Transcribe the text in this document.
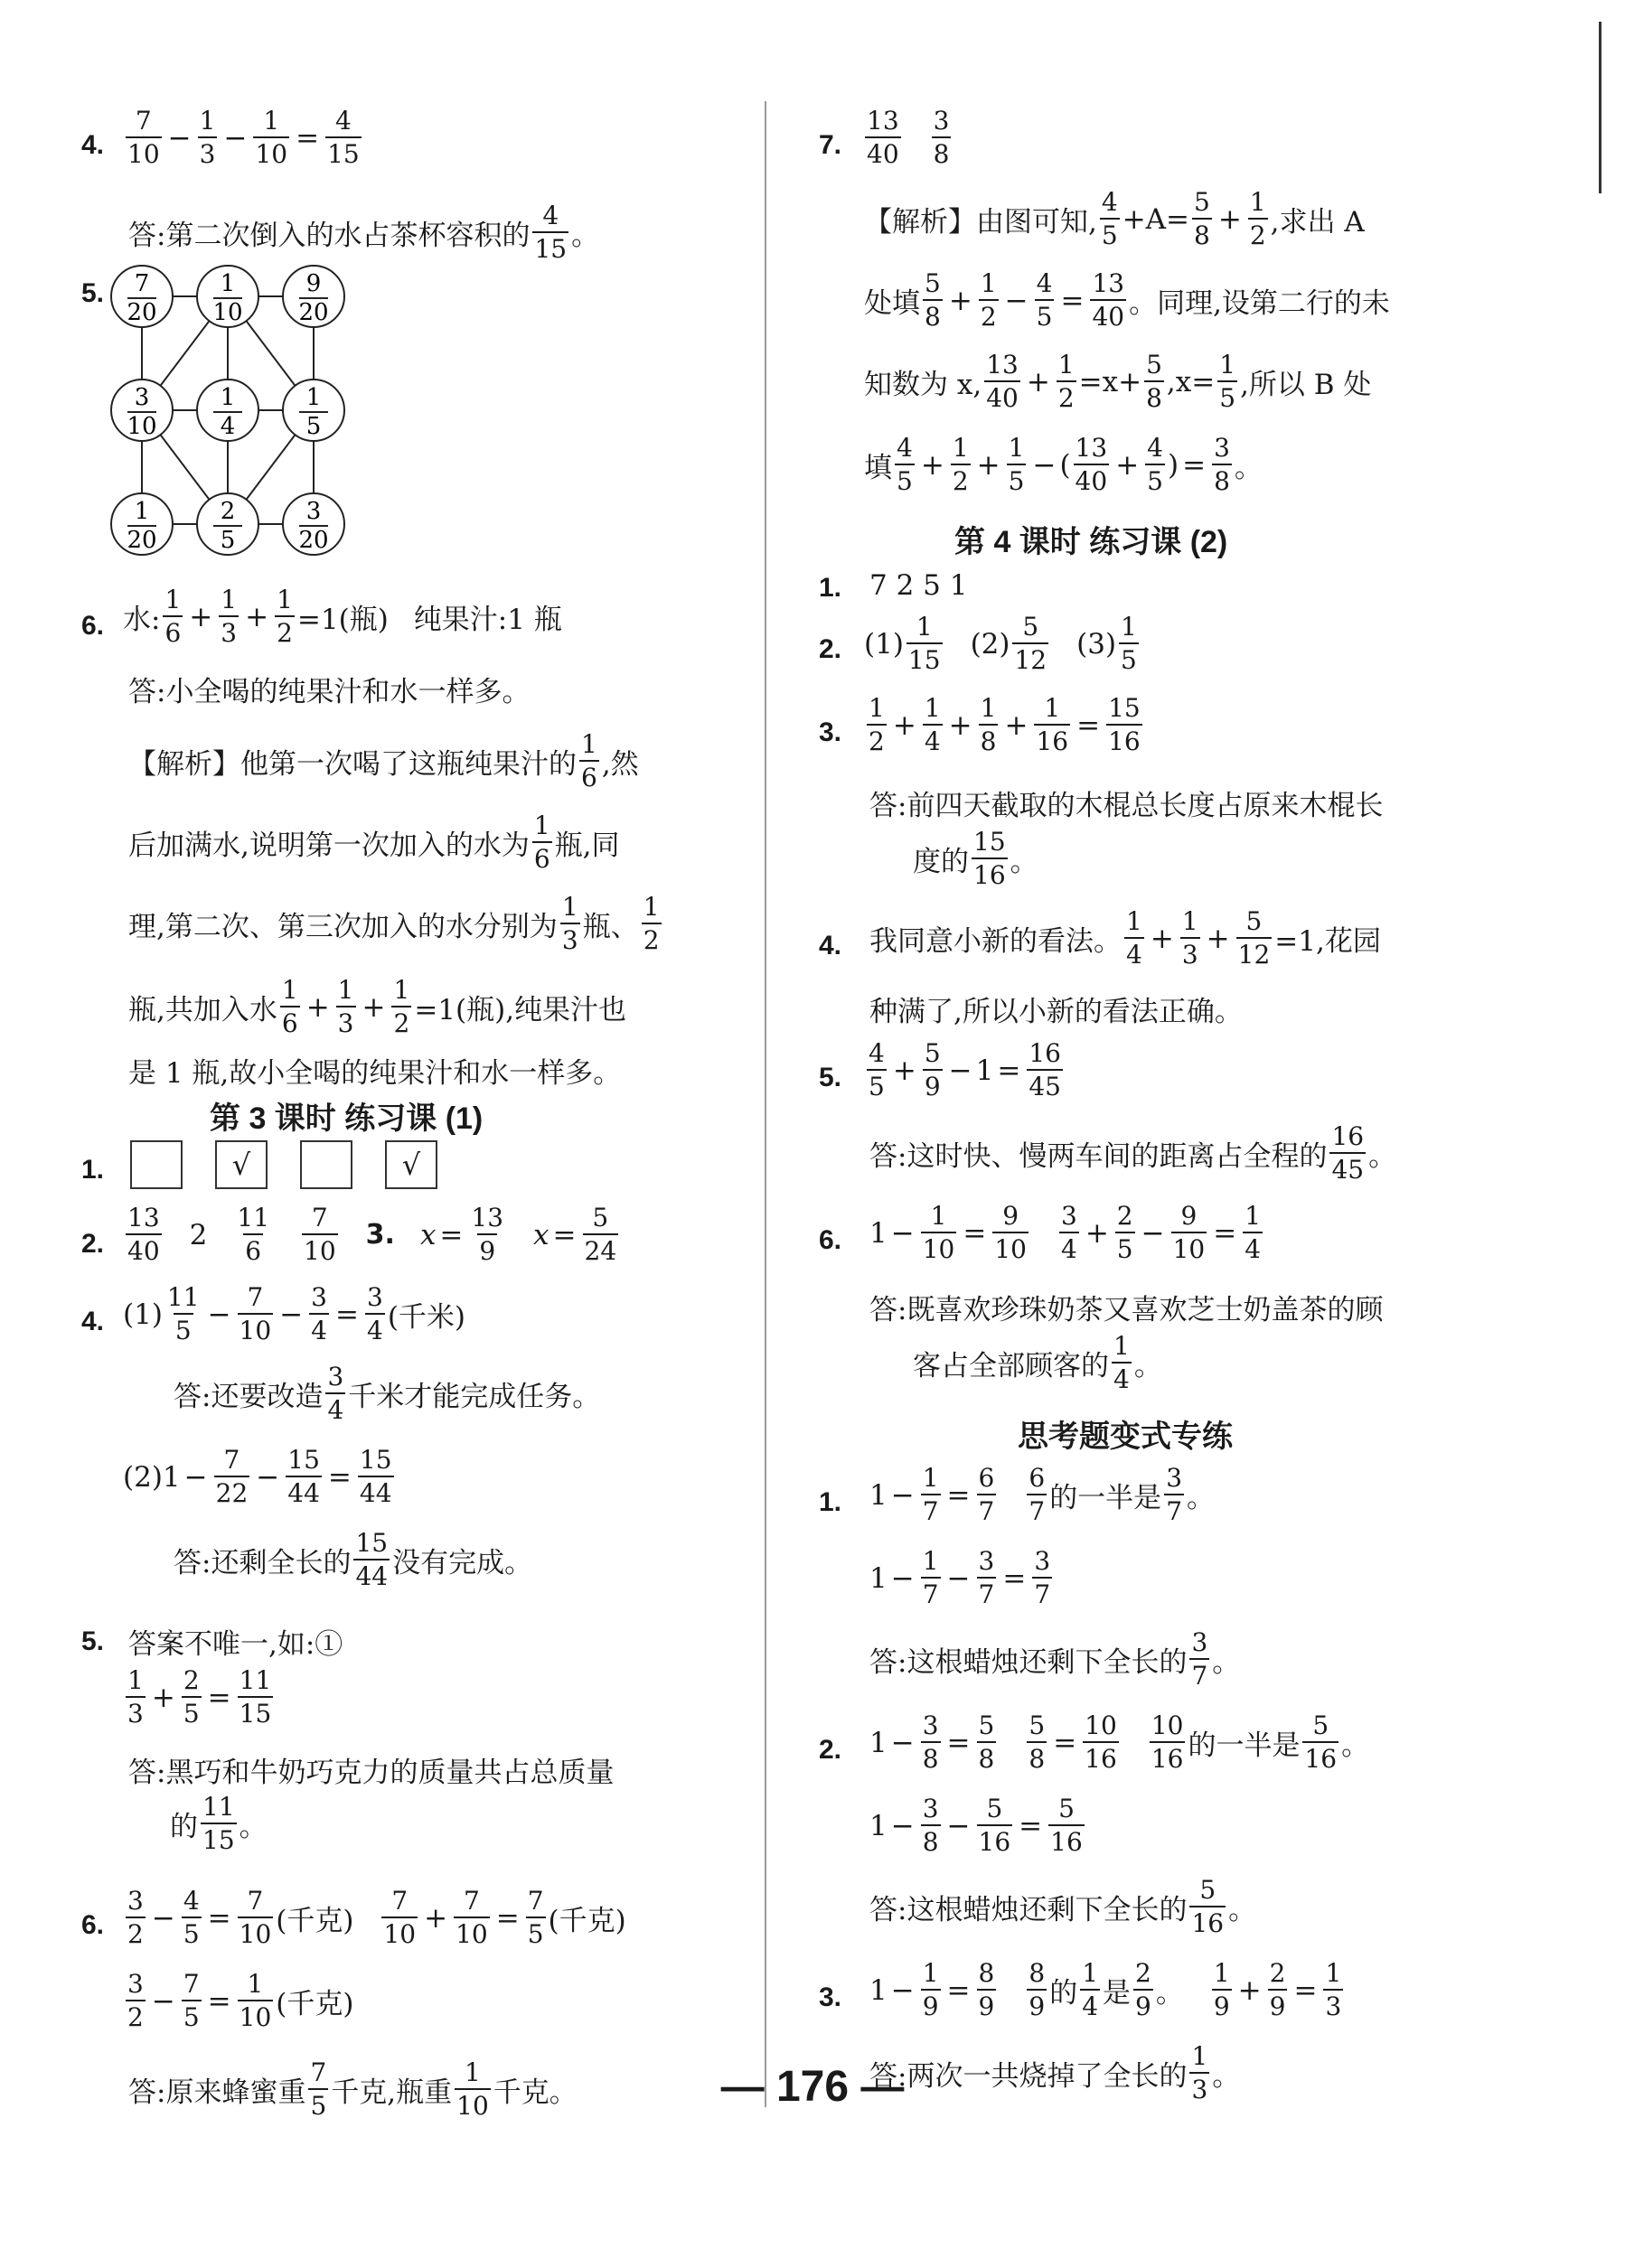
4.
7
$10 - \frac{1}{3} - \frac{1}{10} = \frac{4}{15}$
答:第二次倒入的水占茶杯容积的
4
15 。
5. 7
20
1
10
9
20
3
10
1
4
1
5
1
20
2
5
3
20
6. 水:
1
$6 + \frac{1}{3} + \frac{1}{2} =1$(瓶) 纯果汁:1 瓶
答:小全喝的纯果汁和水一样多。
【解析】他第一次喝了这瓶纯果汁的
1
6 ,然
后加满水,说明第一次加入的水为
1
6 瓶,同
理,第二次、第三次加入的水分别为
1
3 瓶、
1
2
瓶,共加入水
1
$6 + \frac{1}{3} + \frac{1}{2} =1$(瓶),纯果汁也
是 1 瓶,故小全喝的纯果汁和水一样多。
第 3 课时 练习课 (1)
1.	√	√
2.
13
40 2
11
6
7
10
3. $x = \frac{13}{9}$ $x = \frac{5}{24}$
4. (1)
11
$5 - \frac{7}{10} - \frac{3}{4} = \frac{3}{4}$ (千米)
答:还要改造
3
4 千米才能完成任务。
$(2)1 - \frac{7}{22} - \frac{15}{44} = \frac{15}{44}$
答:还剩全长的
15
44 没有完成。
5. 答案不唯一,如:①
1
$3 + \frac{2}{5} = \frac{11}{15}$
答:黑巧和牛奶巧克力的质量共占总质量
的
11
15 。
6.
3
$2 - \frac{4}{5} = \frac{7}{10}$ (千克)
7
$10 + \frac{7}{10} = \frac{7}{5}$ (千克)
3
$2 - \frac{7}{5} = \frac{1}{10}$ (千克)
答:原来蜂蜜重
7
5 千克,瓶重
1
10 千克。
7.
13
40
3
8
【解析】由图可知,
4
$5 +A= \frac{5}{8} + \frac{1}{2}$ ,求出 A
处填
5
$8 + \frac{1}{2} - \frac{4}{5} = \frac{13}{40}$ 。同理,设第二行的未
知数为 x,
13
$40 + \frac{1}{2} =x+ \frac{5}{8} ,x= \frac{1}{5}$ ,所以 B 处
填
4
$5 + \frac{1}{2} + \frac{1}{5}$ − ( $\frac{13}{40} + \frac{4}{5}$ ) = $\frac{3}{8}$ 。
第 4 课时 练习课 (2)
1. 7 2 5 1
2. (1)
1
15 (2)
5
12 (3)
1
5
3.
1
$2 + \frac{1}{4} + \frac{1}{8} + \frac{1}{16} = \frac{15}{16}$
答:前四天截取的木棍总长度占原来木棍长
度的
15
16 。
4. 我同意小新的看法。
1
$4 + \frac{1}{3} + \frac{5}{12} =1$,花园
种满了,所以小新的看法正确。
5.
4
$5 + \frac{5}{9} - 1 = \frac{16}{45}$
答:这时快、慢两车间的距离占全程的
16
45 。
6. $1 - \frac{1}{10} = \frac{9}{10} 3$
$4 + \frac{2}{5} - \frac{9}{10} = \frac{1}{4}$
答:既喜欢珍珠奶茶又喜欢芝士奶盖茶的顾
客占全部顾客的
1
4 。
思考题变式专练
1. $1 - \frac{1}{7} = \frac{6}{7} 6$
7 的一半是
3
7 。
$1 - \frac{1}{7} - \frac{3}{7} = \frac{3}{7}$
答:这根蜡烛还剩下全长的
3
7 。
2. $1 - \frac{3}{8} = \frac{5}{8} \frac{5}{8} = \frac{10}{16} 10$
16 的一半是
5
16 。
$1 - \frac{3}{8} - \frac{5}{16} = \frac{5}{16}$
答:这根蜡烛还剩下全长的
5
16 。
3. $1 - \frac{1}{9} = \frac{8}{9} 8$
9 的
1
4 是
2
9 。
1
$9 + \frac{2}{9} = \frac{1}{3}$
答:两次一共烧掉了全长的
1
3 。
— 176 —
